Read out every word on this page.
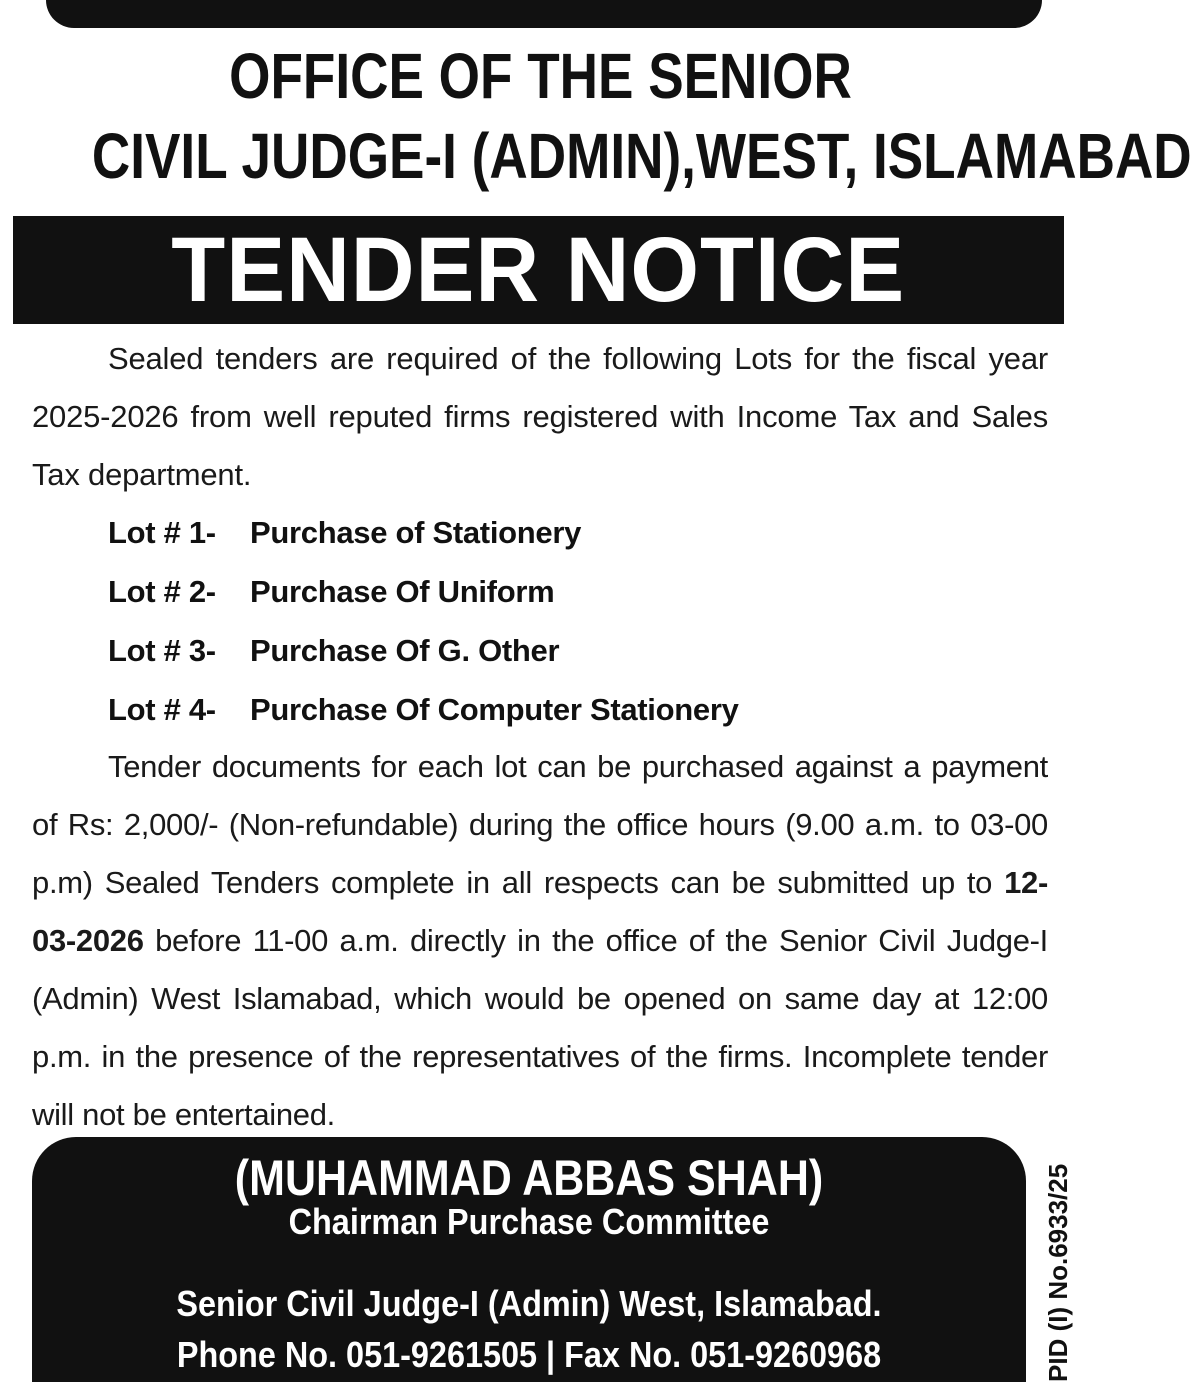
OFFICE OF THE SENIOR
CIVIL JUDGE-I (ADMIN),WEST, ISLAMABAD
TENDER NOTICE
Sealed tenders are required of the following Lots for the fiscal year 2025-2026 from well reputed firms registered with Income Tax and Sales Tax department.
Lot # 1-	Purchase of Stationery
Lot # 2-	Purchase Of Uniform
Lot # 3-	Purchase Of G. Other
Lot # 4-	Purchase Of Computer Stationery
Tender documents for each lot can be purchased against a payment of Rs: 2,000/- (Non-refundable) during the office hours (9.00 a.m. to 03-00 p.m) Sealed Tenders complete in all respects can be submitted up to 12-03-2026 before 11-00 a.m. directly in the office of the Senior Civil Judge-I (Admin) West Islamabad, which would be opened on same day at 12:00 p.m. in the presence of the representatives of the firms. Incomplete tender will not be entertained.
(MUHAMMAD ABBAS SHAH)
Chairman Purchase Committee
Senior Civil Judge-I (Admin) West, Islamabad.
Phone No. 051-9261505 | Fax No. 051-9260968	PID (I) No.6933/25
